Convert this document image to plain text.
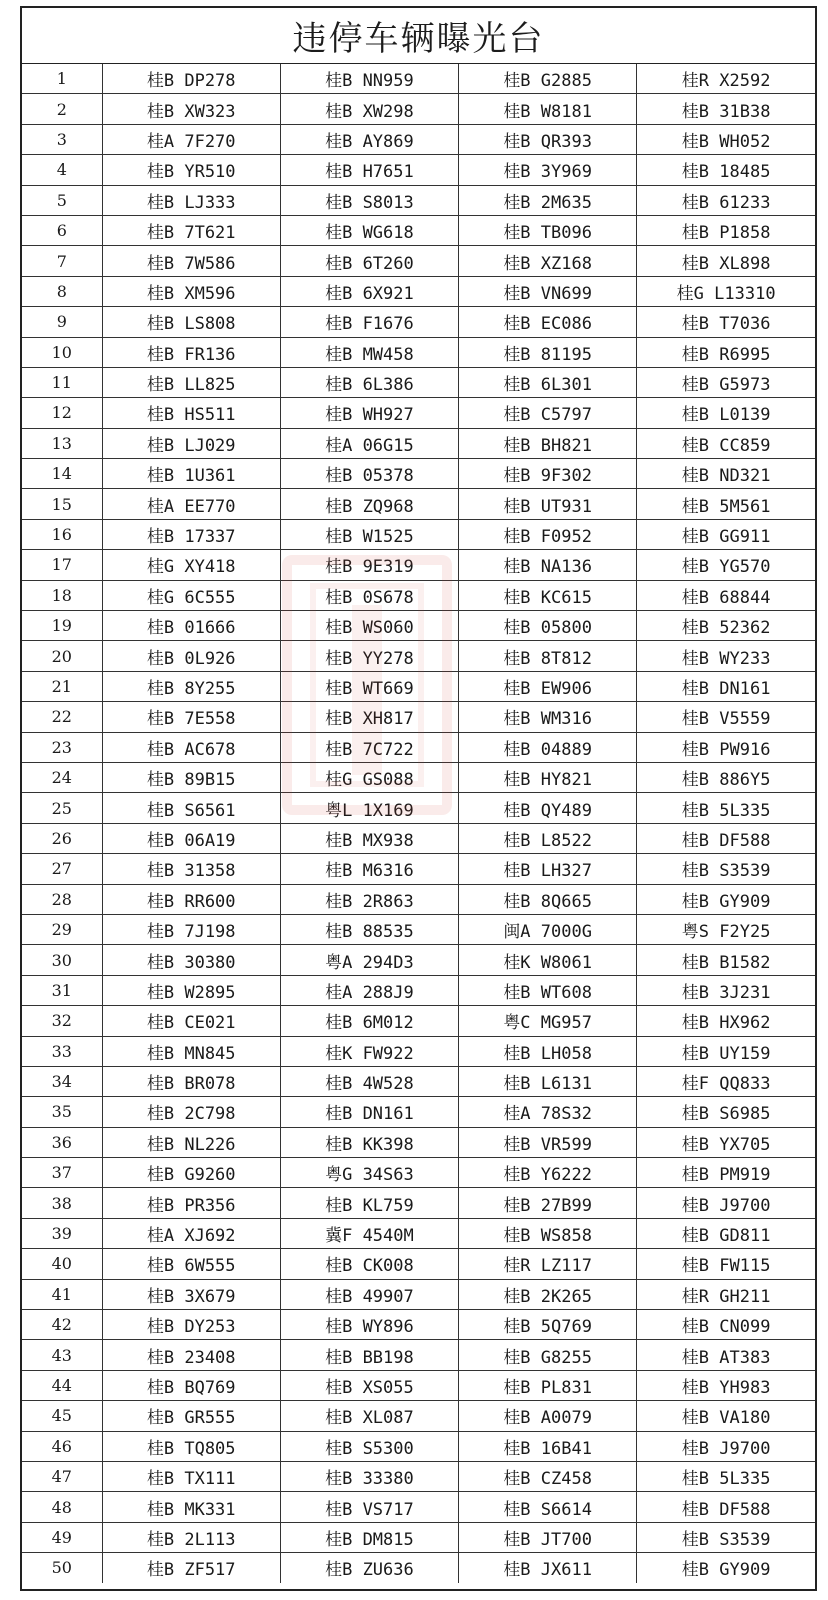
违停车辆曝光台
1	桂B DP278	桂B NN959	桂B G2885	桂R X2592
2	桂B XW323	桂B XW298	桂B W8181	桂B 31B38
3	桂A 7F270	桂B AY869	桂B QR393	桂B WH052
4	桂B YR510	桂B H7651	桂B 3Y969	桂B 18485
5	桂B LJ333	桂B S8013	桂B 2M635	桂B 61233
6	桂B 7T621	桂B WG618	桂B TB096	桂B P1858
7	桂B 7W586	桂B 6T260	桂B XZ168	桂B XL898
8	桂B XM596	桂B 6X921	桂B VN699	桂G L13310
9	桂B LS808	桂B F1676	桂B EC086	桂B T7036
10	桂B FR136	桂B MW458	桂B 81195	桂B R6995
11	桂B LL825	桂B 6L386	桂B 6L301	桂B G5973
12	桂B HS511	桂B WH927	桂B C5797	桂B L0139
13	桂B LJ029	桂A 06G15	桂B BH821	桂B CC859
14	桂B 1U361	桂B 05378	桂B 9F302	桂B ND321
15	桂A EE770	桂B ZQ968	桂B UT931	桂B 5M561
16	桂B 17337	桂B W1525	桂B F0952	桂B GG911
17	桂G XY418	桂B 9E319	桂B NA136	桂B YG570
18	桂G 6C555	桂B 0S678	桂B KC615	桂B 68844
19	桂B 01666	桂B WS060	桂B 05800	桂B 52362
20	桂B 0L926	桂B YY278	桂B 8T812	桂B WY233
21	桂B 8Y255	桂B WT669	桂B EW906	桂B DN161
22	桂B 7E558	桂B XH817	桂B WM316	桂B V5559
23	桂B AC678	桂B 7C722	桂B 04889	桂B PW916
24	桂B 89B15	桂G GS088	桂B HY821	桂B 886Y5
25	桂B S6561	粤L 1X169	桂B QY489	桂B 5L335
26	桂B 06A19	桂B MX938	桂B L8522	桂B DF588
27	桂B 31358	桂B M6316	桂B LH327	桂B S3539
28	桂B RR600	桂B 2R863	桂B 8Q665	桂B GY909
29	桂B 7J198	桂B 88535	闽A 7000G	粤S F2Y25
30	桂B 30380	粤A 294D3	桂K W8061	桂B B1582
31	桂B W2895	桂A 288J9	桂B WT608	桂B 3J231
32	桂B CE021	桂B 6M012	粤C MG957	桂B HX962
33	桂B MN845	桂K FW922	桂B LH058	桂B UY159
34	桂B BR078	桂B 4W528	桂B L6131	桂F QQ833
35	桂B 2C798	桂B DN161	桂A 78S32	桂B S6985
36	桂B NL226	桂B KK398	桂B VR599	桂B YX705
37	桂B G9260	粤G 34S63	桂B Y6222	桂B PM919
38	桂B PR356	桂B KL759	桂B 27B99	桂B J9700
39	桂A XJ692	冀F 4540M	桂B WS858	桂B GD811
40	桂B 6W555	桂B CK008	桂R LZ117	桂B FW115
41	桂B 3X679	桂B 49907	桂B 2K265	桂R GH211
42	桂B DY253	桂B WY896	桂B 5Q769	桂B CN099
43	桂B 23408	桂B BB198	桂B G8255	桂B AT383
44	桂B BQ769	桂B XS055	桂B PL831	桂B YH983
45	桂B GR555	桂B XL087	桂B A0079	桂B VA180
46	桂B TQ805	桂B S5300	桂B 16B41	桂B J9700
47	桂B TX111	桂B 33380	桂B CZ458	桂B 5L335
48	桂B MK331	桂B VS717	桂B S6614	桂B DF588
49	桂B 2L113	桂B DM815	桂B JT700	桂B S3539
50	桂B ZF517	桂B ZU636	桂B JX611	桂B GY909
